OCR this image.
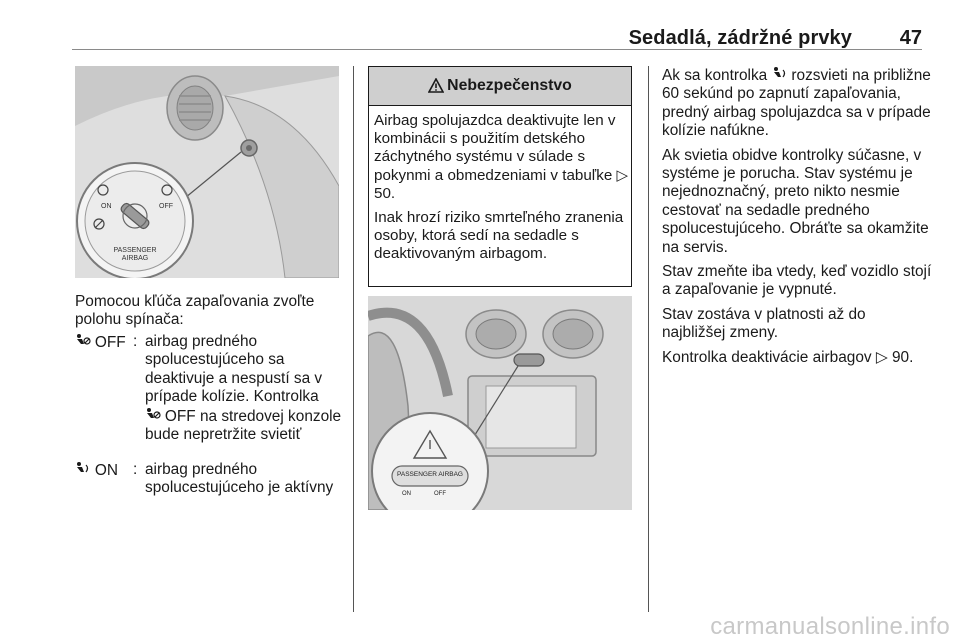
Sedadlá, zádržné prvky 47
ON	OFF
PASSENGER
AIRBAG
Pomocou kľúča zapaľovania zvoľte polohu spínača:
OFF : airbag predného spolucestujúceho sa deaktivuje a nespustí sa v prípade kolízie. Kontrolka
OFF na stredovej konzole bude nepretržite svietiť
ON : airbag predného spolucestujúceho je aktívny
Nebezpečenstvo

Airbag spolujazdca deaktivujte len v kombinácii s použitím detského záchytného systému v súlade s pokynmi a obmedzeniami v tabuľke ▷ 50.

Inak hrozí riziko smrteľného zranenia osoby, ktorá sedí na sedadle s deaktivovaným airbagom.

PASSENGER AIRBAG
ON	OFF

Ak sa kontrolka rozsvieti na približne 60 sekúnd po zapnutí zapaľovania, predný airbag spolujazdca sa v prípade kolízie nafúkne.

Ak svietia obidve kontrolky súčasne, v systéme je porucha. Stav systému je nejednoznačný, preto nikto nesmie cestovať na sedadle predného spolucestujúceho. Obráťte sa okamžite na servis.

Stav zmeňte iba vtedy, keď vozidlo stojí a zapaľovanie je vypnuté.

Stav zostáva v platnosti až do najbližšej zmeny.

Kontrolka deaktivácie airbagov ▷ 90.

carmanualsonline.info
